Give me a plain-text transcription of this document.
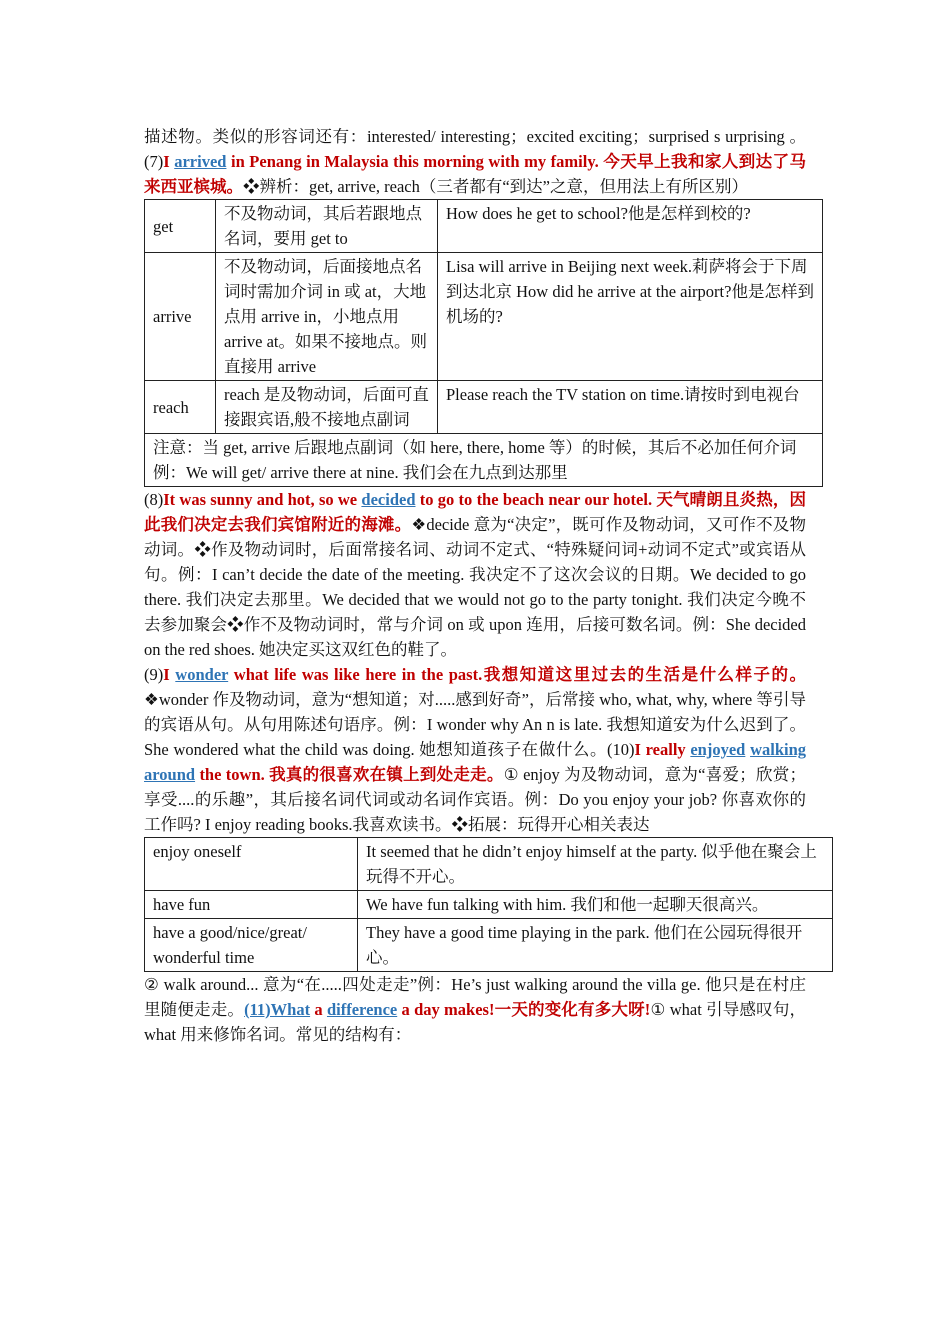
描述物。类似的形容词还有：interested/ interesting；excited exciting；surprised s urprising 。 (7)I arrived in Penang in Malaysia this morning with my family. 今天早上我和家人到达了马来西亚槟城。❖辨析：get, arrive, reach（三者都有“到达”之意，但用法上有所区别）
get	不及物动词，其后若跟地点名词，要用 get to	How does he get to school?他是怎样到校的?
arrive	不及物动词，后面接地点名词时需加介词 in 或 at，大地点用 arrive in，小地点用 arrive at。如果不接地点。则直接用 arrive	Lisa will arrive in Beijing next week.莉萨将会于下周到达北京 How did he arrive at the airport?他是怎样到机场的?
reach	reach 是及物动词，后面可直接跟宾语,般不接地点副词	Please reach the TV station on time.请按时到电视台
注意：当 get, arrive 后跟地点副词（如 here, there, home 等）的时候，其后不必加任何介词例：We will get/ arrive there at nine. 我们会在九点到达那里		
(8)It was sunny and hot, so we decided to go to the beach near our hotel. 天气晴朗且炎热，因此我们决定去我们宾馆附近的海滩。❖decide 意为“决定”，既可作及物动词，又可作不及物动词。❖作及物动词时，后面常接名词、动词不定式、“特殊疑问词+动词不定式”或宾语从句。例：I can’t decide the date of the meeting. 我决定不了这次会议的日期。We decided to go there. 我们决定去那里。We decided that we would not go to the party tonight. 我们决定今晚不去参加聚会❖作不及物动词时，常与介词 on 或 upon 连用，后接可数名词。例：She decided on the red shoes. 她决定买这双红色的鞋了。
(9)I wonder what life was like here in the past.我想知道这里过去的生活是什么样子的。❖wonder 作及物动词，意为“想知道；对.....感到好奇”，后常接 who, what, why, where 等引导的宾语从句。从句用陈述句语序。例：I wonder why An n is late. 我想知道安为什么迟到了。She wondered what the child was doing. 她想知道孩子在做什么。(10)I really enjoyed walking around the town. 我真的很喜欢在镇上到处走走。① enjoy 为及物动词，意为“喜爱；欣赏；享受....的乐趣”，其后接名词代词或动名词作宾语。例：Do you enjoy your job? 你喜欢你的工作吗? I enjoy reading books.我喜欢读书。❖拓展：玩得开心相关表达
enjoy oneself	It seemed that he didn’t enjoy himself at the party. 似乎他在聚会上玩得不开心。
have fun	We have fun talking with him. 我们和他一起聊天很高兴。
have a good/nice/great/ wonderful time	They have a good time playing in the park. 他们在公园玩得很开心。
② walk around... 意为“在.....四处走走”例：He’s just walking around the villa ge. 他只是在村庄里随便走走。(11)What a difference a day makes!一天的变化有多大呀!① what 引导感叹句，what 用来修饰名词。常见的结构有：
